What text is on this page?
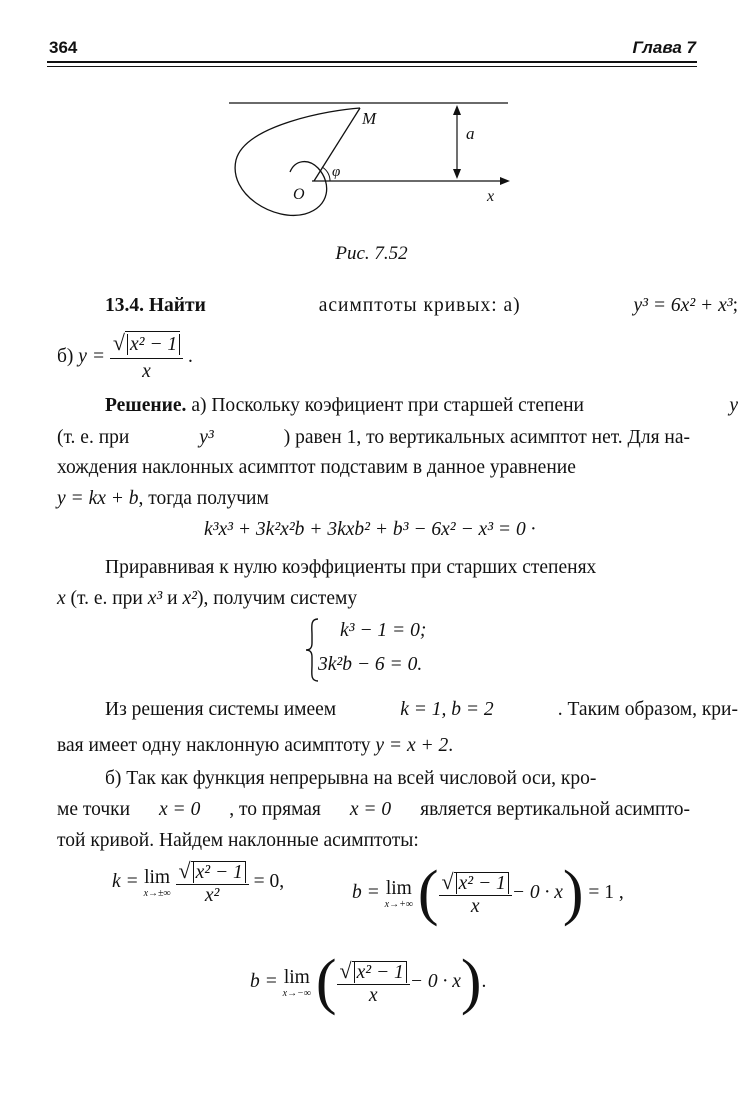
364	Глава 7
M
a
φ
O	x
Рис. 7.52
13.4. Найти	асимптоты кривых: а)	y³ = 6x² + x³;
б) $y = \frac{\text{√ x² − 1}}{x}$ .
Решение. а) Поскольку коэфициент при старшей степени	y
(т. е. при	y³	) равен 1, то вертикальных асимптот нет. Для на-
хождения наклонных асимптот подставим в данное уравнение
y = kx + b, тогда получим
k³x³ + 3k²x²b + 3kxb² + b³ − 6x² − x³ = 0 ·
Приравнивая к нулю коэффициенты при старших степенях
x (т. е. при x³ и x²), получим систему
k³ − 1 = 0;
3k²b − 6 = 0.
Из решения системы имеем	k = 1, b = 2	. Таким образом, кри-
вая имеет одну наклонную асимптоту y = x + 2.
б) Так как функция непрерывна на всей числовой оси, кро-
ме точки x = 0 , то прямая x = 0 является вертикальной асимпто-
той кривой. Найдем наклонные асимптоты:
k = lim
x→±∞
$\frac{\text{√ x² − 1}}{\text{x²}} = 0$,
b = lim
x→+∞ ( $\frac{\text{√ x² − 1}}{x} - 0 \cdot x) = 1$ ,
b = lim
x→−∞ ( $\frac{\text{√ x² − 1}}{x} - 0 \cdot x$).
